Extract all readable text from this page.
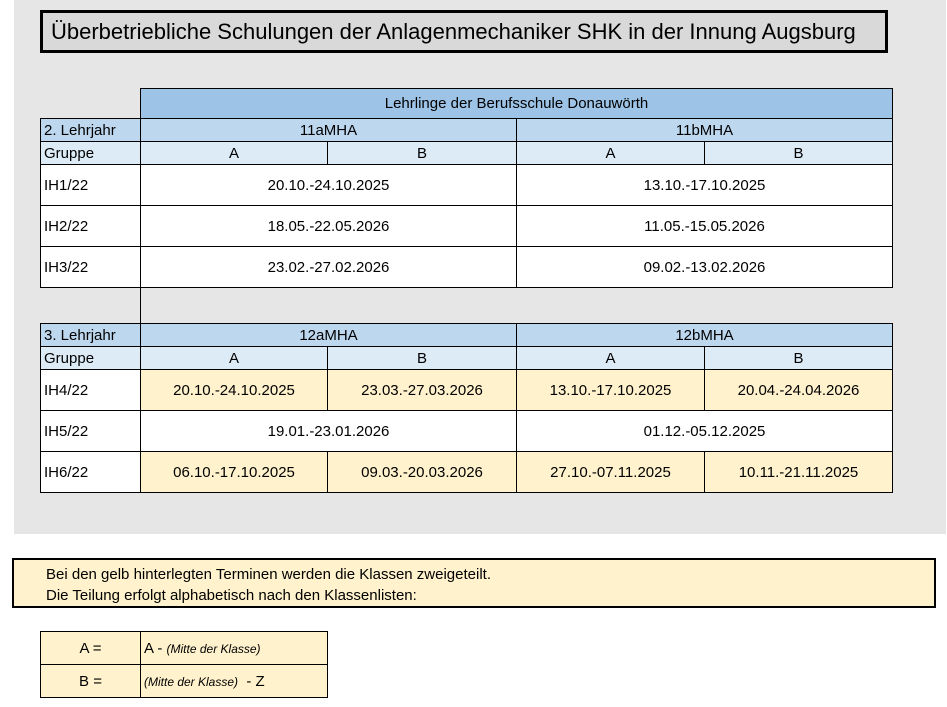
Überbetriebliche Schulungen der Anlagenmechaniker SHK in der Innung Augsburg
	Lehrlinge der Berufsschule Donauwörth			
2. Lehrjahr	11aMHA		11bMHA	
Gruppe	A	B	A	B
IH1/22	20.10.-24.10.2025		13.10.-17.10.2025	
IH2/22	18.05.-22.05.2026		11.05.-15.05.2026	
IH3/22	23.02.-27.02.2026		09.02.-13.02.2026	

3. Lehrjahr	12aMHA		12bMHA	
Gruppe	A	B	A	B
IH4/22	20.10.-24.10.2025	23.03.-27.03.2026	13.10.-17.10.2025	20.04.-24.04.2026
IH5/22	19.01.-23.01.2026		01.12.-05.12.2025	
IH6/22	06.10.-17.10.2025	09.03.-20.03.2026	27.10.-07.11.2025	10.11.-21.11.2025
Bei den gelb hinterlegten Terminen werden die Klassen zweigeteilt.
Die Teilung erfolgt alphabetisch nach den Klassenlisten:
A =	A - (Mitte der Klasse)
B =	(Mitte der Klasse)  - Z
